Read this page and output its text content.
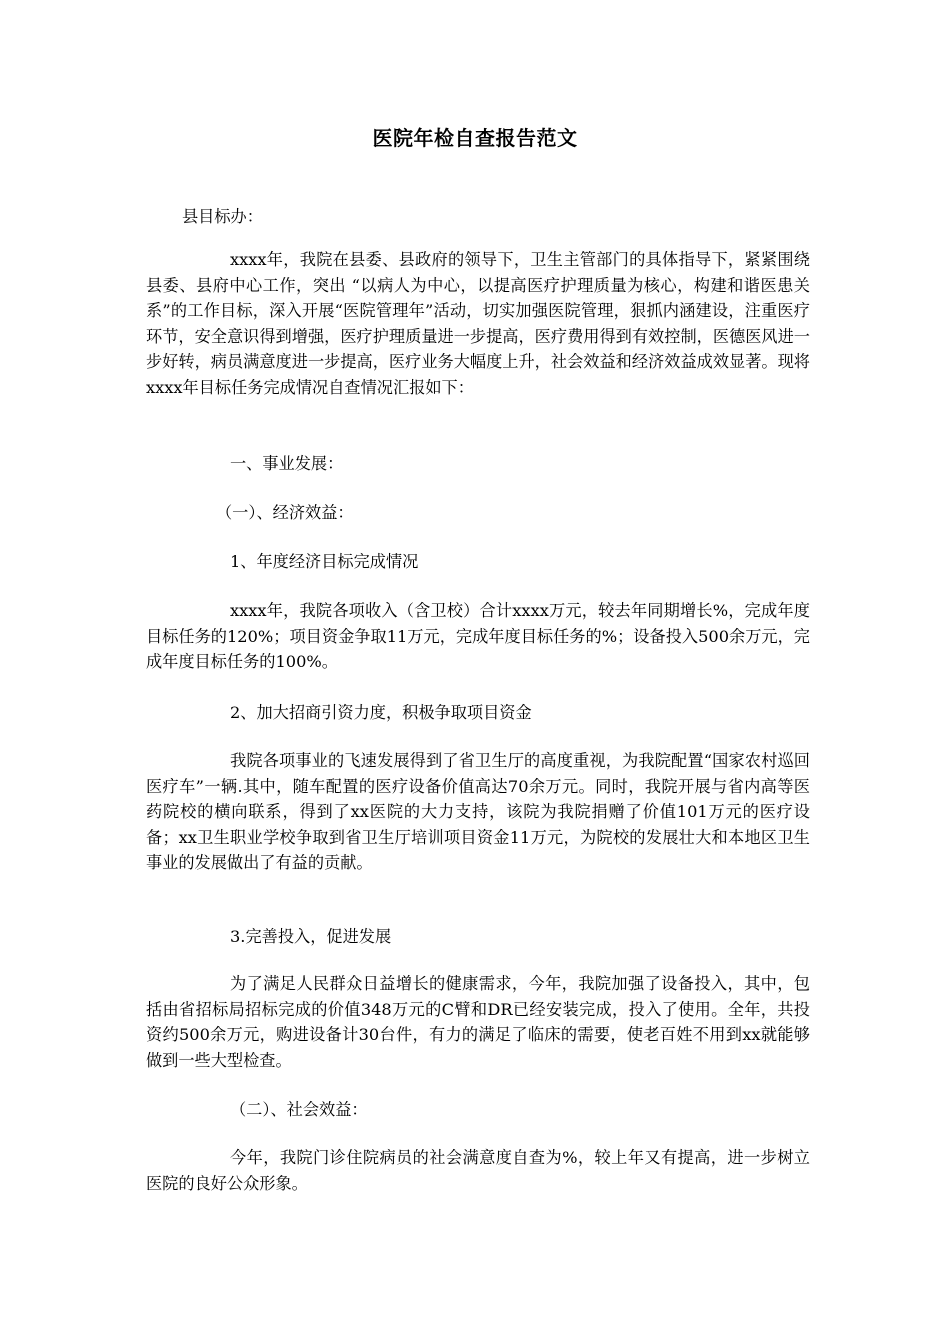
医院年检自查报告范文
县目标办：

xxxx年，我院在县委、县政府的领导下，卫生主管部门的具体指导下，紧紧围绕县委、县府中心工作，突出 “以病人为中心，以提高医疗护理质量为核心，构建和谐医患关系”的工作目标，深入开展“医院管理年”活动，切实加强医院管理，狠抓内涵建设，注重医疗环节，安全意识得到增强，医疗护理质量进一步提高，医疗费用得到有效控制，医德医风进一步好转，病员满意度进一步提高，医疗业务大幅度上升，社会效益和经济效益成效显著。现将xxxx年目标任务完成情况自查情况汇报如下：

一、事业发展：
（一）、经济效益：
1、年度经济目标完成情况

xxxx年，我院各项收入（含卫校）合计xxxx万元，较去年同期增长%，完成年度目标任务的120%；项目资金争取11万元，完成年度目标任务的%；设备投入500余万元，完成年度目标任务的100%。

2、加大招商引资力度，积极争取项目资金

我院各项事业的飞速发展得到了省卫生厅的高度重视，为我院配置“国家农村巡回医疗车”一辆.其中，随车配置的医疗设备价值高达70余万元。同时，我院开展与省内高等医药院校的横向联系，得到了xx医院的大力支持，该院为我院捐赠了价值101万元的医疗设备；xx卫生职业学校争取到省卫生厅培训项目资金11万元，为院校的发展壮大和本地区卫生事业的发展做出了有益的贡献。

3.完善投入，促进发展

为了满足人民群众日益增长的健康需求，今年，我院加强了设备投入，其中，包括由省招标局招标完成的价值348万元的C臂和DR已经安装完成，投入了使用。全年，共投资约500余万元，购进设备计30台件，有力的满足了临床的需要，使老百姓不用到xx就能够做到一些大型检查。

（二）、社会效益：

今年，我院门诊住院病员的社会满意度自查为%，较上年又有提高，进一步树立医院的良好公众形象。
